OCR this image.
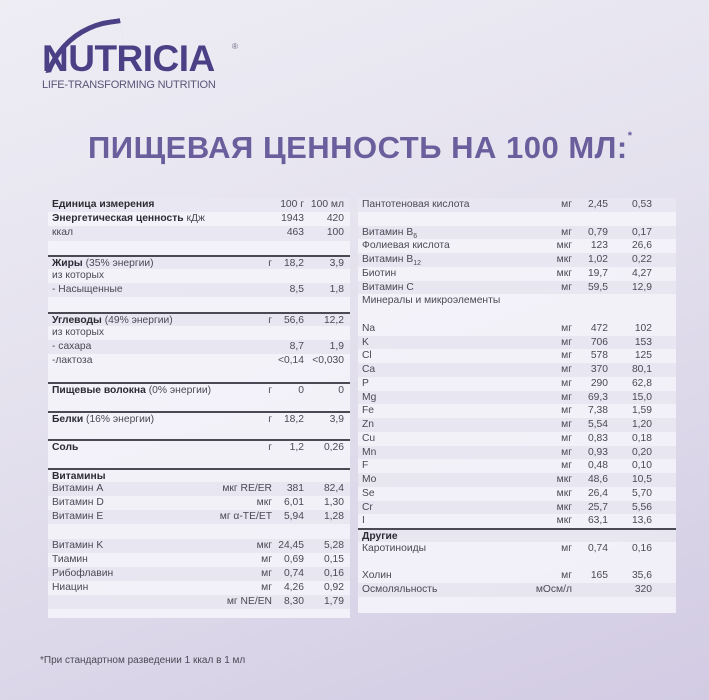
NUTRICIA ®
LIFE-TRANSFORMING NUTRITION
ПИЩЕВАЯ ЦЕННОСТЬ НА 100 МЛ:*
Единица измерения	100 г 100 мл
Энергетическая ценность кДж	1943 420
ккал	463 100
Жиры (35% энергии)	г 18,2 3,9
из которых
- Насыщенные	8,5 1,8
Углеводы (49% энергии)	г 56,6 12,2
из которых
- сахара	8,7 1,9
-лактоза	<0,14 <0,030
Пищевые волокна (0% энергии)	г	0	0
Белки (16% энергии)	г 18,2 3,9
Соль	г 1,2 0,26
Витамины
Витамин A	мкг RE/ER 381 82,4
Витамин D	мкг 6,01 1,30
Витамин E	мг α-TE/ET 5,94 1,28
Витамин K	мкг 24,45 5,28
Тиамин	мг 0,69 0,15
Рибофлавин	мг 0,74 0,16
Ниацин	мг 4,26 0,92
мг NE/EN 8,30 1,79
Пантотеновая кислота	мг 2,45 0,53
Витамин $B_6$	мг 0,79 0,17
Фолиевая кислота	мкг 123 26,6
Витамин $B_{12}$	мкг 1,02 0,22
Биотин	мкг 19,7 4,27
Витамин C	мг 59,5 12,9
Минералы и микроэлементы
Na	мг 472	102
K	мг 706	153
Cl	мг 578	125
Ca	мг 370 80,1
P	мг 290 62,8
Mg	мг 69,3 15,0
Fe	мг 7,38 1,59
Zn	мг 5,54 1,20
Cu	мг 0,83 0,18
Mn	мг 0,93 0,20
F	мг 0,48 0,10
Mo	мкг 48,6 10,5
Se	мкг 26,4 5,70
Cr	мкг 25,7 5,56
I	мкг 63,1 13,6
Другие
Каротиноиды	мг 0,74 0,16
Холин	мг 165 35,6
Осмоляльность	мОсм/л	320
*При стандартном разведении 1 ккал в 1 мл
